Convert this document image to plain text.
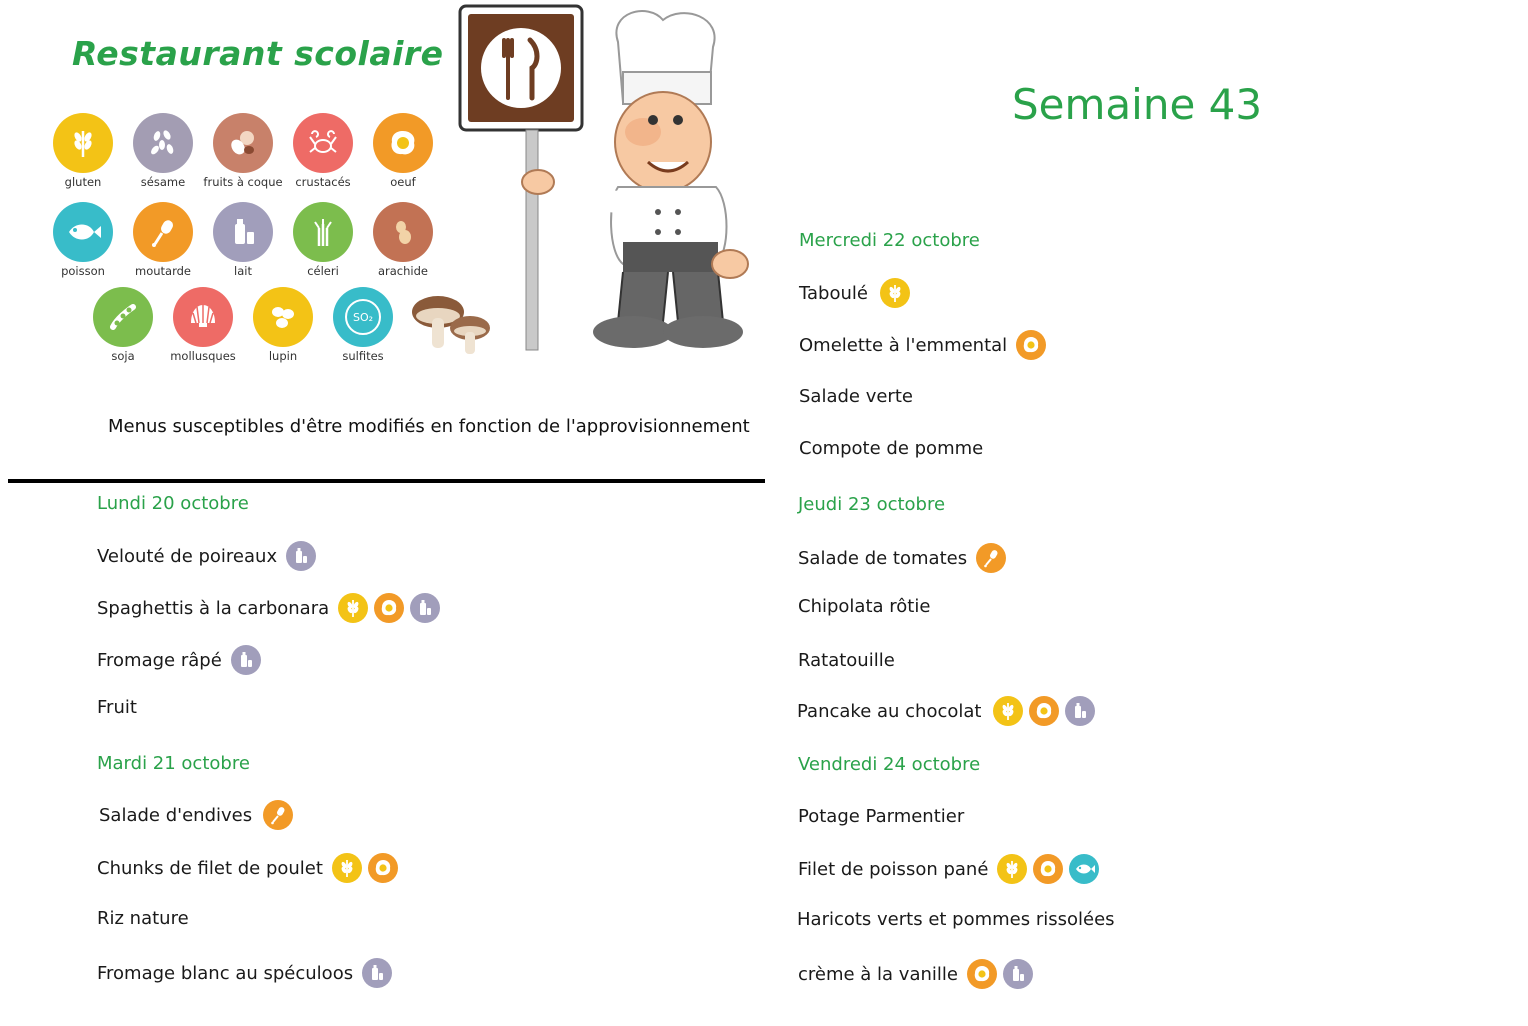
Restaurant scolaire
Semaine 43
gluten	sésame	fruits à coque	crustacés	oeuf
poisson	moutarde	lait	céleri	arachide
soja	mollusques	lupin
SO₂
sulfites
Menus susceptibles d'être modifiés en fonction de l'approvisionnement
Lundi 20 octobre
Velouté de poireaux
Spaghettis à la carbonara
Fromage râpé
Fruit
Mardi 21 octobre
Salade d'endives
Chunks de filet de poulet
Riz nature
Fromage blanc au spéculoos
Mercredi 22 octobre
Taboulé
Omelette à l'emmental
Salade verte
Compote de pomme
Jeudi 23 octobre
Salade de tomates
Chipolata rôtie
Ratatouille
Pancake au chocolat
Vendredi 24 octobre
Potage Parmentier
Filet de poisson pané
Haricots verts et pommes rissolées
crème à la vanille
